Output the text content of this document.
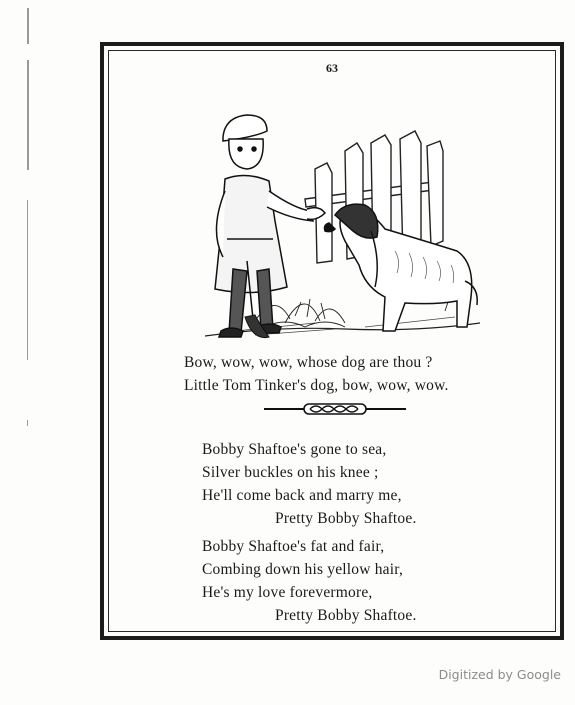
63
Bow, wow, wow, whose dog are thou ?
Little Tom Tinker's dog, bow, wow, wow.
Bobby Shaftoe's gone to sea,
Silver buckles on his knee ;
He'll come back and marry me,
Pretty Bobby Shaftoe.
Bobby Shaftoe's fat and fair,
Combing down his yellow hair,
He's my love forevermore,
Pretty Bobby Shaftoe.
Digitized by Google
